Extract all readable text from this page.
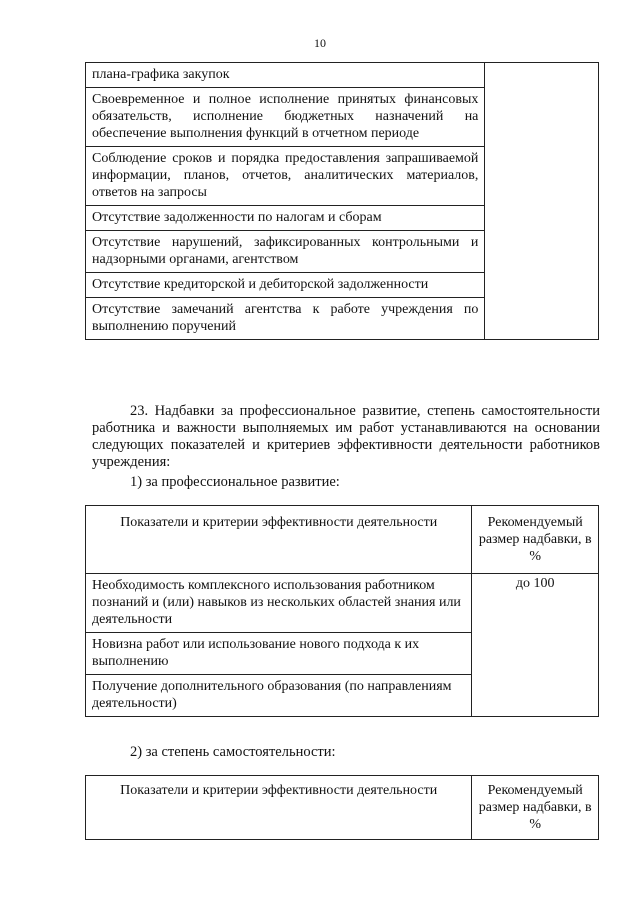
10
плана-графика закупок	
Своевременное и полное исполнение принятых финансовых обязательств, исполнение бюджетных назначений на обеспечение выполнения функций в отчетном периоде
Соблюдение сроков и порядка предоставления запрашиваемой информации, планов, отчетов, аналитических материалов, ответов на запросы
Отсутствие задолженности по налогам и сборам
Отсутствие нарушений, зафиксированных контрольными и надзорными органами, агентством
Отсутствие кредиторской и дебиторской задолженности
Отсутствие замечаний агентства к работе учреждения по выполнению поручений
23. Надбавки за профессиональное развитие, степень самостоятельности работника и важности выполняемых им работ устанавливаются на основании следующих показателей и критериев эффективности деятельности работников учреждения:
1) за профессиональное развитие:
Показатели и критерии эффективности деятельности	Рекомендуемый размер надбавки, в %
Необходимость комплексного использования работником познаний и (или) навыков из нескольких областей знания или деятельности	до 100
Новизна работ или использование нового подхода к их выполнению	
Получение дополнительного образования (по направлениям деятельности)	
2) за степень самостоятельности:
Показатели и критерии эффективности деятельности	Рекомендуемый размер надбавки, в %
